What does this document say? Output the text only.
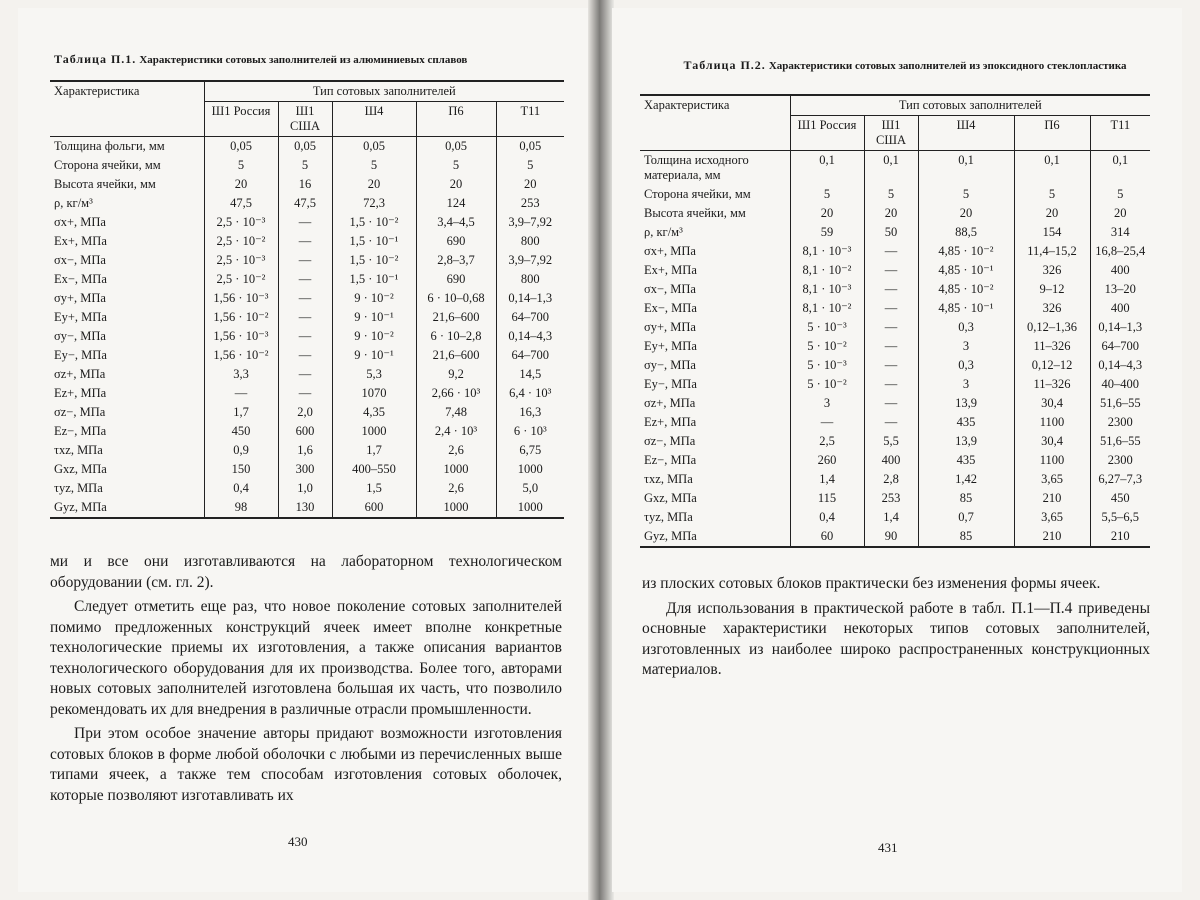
Таблица П.1. Характеристики сотовых заполнителей из алюминиевых сплавов
Характеристика	Тип сотовых заполнителей				
	Ш1 Россия	Ш1 США	Ш4	П6	Т11
Толщина фольги, мм	0,05	0,05	0,05	0,05	0,05
Сторона ячейки, мм	5	5	5	5	5
Высота ячейки, мм	20	16	20	20	20
ρ, кг/м³	47,5	47,5	72,3	124	253
σx+, МПа	2,5 · 10⁻³	—	1,5 · 10⁻²	3,4–4,5	3,9–7,92
Ex+, МПа	2,5 · 10⁻²	—	1,5 · 10⁻¹	690	800
σx−, МПа	2,5 · 10⁻³	—	1,5 · 10⁻²	2,8–3,7	3,9–7,92
Ex−, МПа	2,5 · 10⁻²	—	1,5 · 10⁻¹	690	800
σy+, МПа	1,56 · 10⁻³	—	9 · 10⁻²	6 · 10–0,68	0,14–1,3
Ey+, МПа	1,56 · 10⁻²	—	9 · 10⁻¹	21,6–600	64–700
σy−, МПа	1,56 · 10⁻³	—	9 · 10⁻²	6 · 10–2,8	0,14–4,3
Ey−, МПа	1,56 · 10⁻²	—	9 · 10⁻¹	21,6–600	64–700
σz+, МПа	3,3	—	5,3	9,2	14,5
Ez+, МПа	—	—	1070	2,66 · 10³	6,4 · 10³
σz−, МПа	1,7	2,0	4,35	7,48	16,3
Ez−, МПа	450	600	1000	2,4 · 10³	6 · 10³
τxz, МПа	0,9	1,6	1,7	2,6	6,75
Gxz, МПа	150	300	400–550	1000	1000
τyz, МПа	0,4	1,0	1,5	2,6	5,0
Gyz, МПа	98	130	600	1000	1000

ми и все они изготавливаются на лабораторном технологическом оборудовании (см. гл. 2).

Следует отметить еще раз, что новое поколение сотовых заполнителей помимо предложенных конструкций ячеек имеет вполне конкретные технологические приемы их изготовления, а также описания вариантов технологического оборудования для их производства. Более того, авторами новых сотовых заполнителей изготовлена большая их часть, что позволило рекомендовать их для внедрения в различные отрасли промышленности.

При этом особое значение авторы придают возможности изготовления сотовых блоков в форме любой оболочки с любыми из перечисленных выше типами ячеек, а также тем способам изготовления сотовых оболочек, которые позволяют изготавливать их

430
Таблица П.2. Характеристики сотовых заполнителей из эпоксидного стеклопластика
Характеристика	Тип сотовых заполнителей				
	Ш1 Россия	Ш1 США	Ш4	П6	Т11
Толщина исходного материала, мм	0,1	0,1	0,1	0,1	0,1
Сторона ячейки, мм	5	5	5	5	5
Высота ячейки, мм	20	20	20	20	20
ρ, кг/м³	59	50	88,5	154	314
σx+, МПа	8,1 · 10⁻³	—	4,85 · 10⁻²	11,4–15,2	16,8–25,4
Ex+, МПа	8,1 · 10⁻²	—	4,85 · 10⁻¹	326	400
σx−, МПа	8,1 · 10⁻³	—	4,85 · 10⁻²	9–12	13–20
Ex−, МПа	8,1 · 10⁻²	—	4,85 · 10⁻¹	326	400
σy+, МПа	5 · 10⁻³	—	0,3	0,12–1,36	0,14–1,3
Ey+, МПа	5 · 10⁻²	—	3	11–326	64–700
σy−, МПа	5 · 10⁻³	—	0,3	0,12–12	0,14–4,3
Ey−, МПа	5 · 10⁻²	—	3	11–326	40–400
σz+, МПа	3	—	13,9	30,4	51,6–55
Ez+, МПа	—	—	435	1100	2300
σz−, МПа	2,5	5,5	13,9	30,4	51,6–55
Ez−, МПа	260	400	435	1100	2300
τxz, МПа	1,4	2,8	1,42	3,65	6,27–7,3
Gxz, МПа	115	253	85	210	450
τyz, МПа	0,4	1,4	0,7	3,65	5,5–6,5
Gyz, МПа	60	90	85	210	210

из плоских сотовых блоков практически без изменения формы ячеек.

Для использования в практической работе в табл. П.1—П.4 приведены основные характеристики некоторых типов сотовых заполнителей, изготовленных из наиболее широко распространенных конструкционных материалов.

431
